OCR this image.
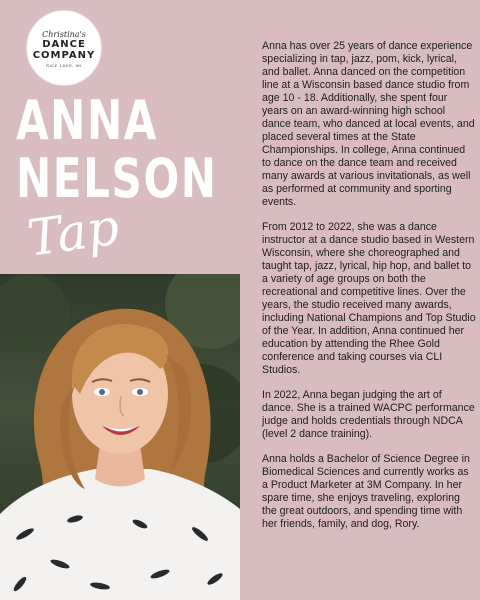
Christina's
DANCE
COMPANY
RICE LAKE, WI
ANNA
NELSON
Tap

Anna has over 25 years of dance experience specializing in tap, jazz, pom, kick, lyrical, and ballet. Anna danced on the competition line at a Wisconsin based dance studio from age 10 - 18. Additionally, she spent four years on an award-winning high school dance team, who danced at local events, and placed several times at the State Championships. In college, Anna continued to dance on the dance team and received many awards at various invitationals, as well as performed at community and sporting events.

From 2012 to 2022, she was a dance instructor at a dance studio based in Western Wisconsin, where she choreographed and taught tap, jazz, lyrical, hip hop, and ballet to a variety of age groups on both the recreational and competitive lines. Over the years, the studio received many awards, including National Champions and Top Studio of the Year. In addition, Anna continued her education by attending the Rhee Gold conference and taking courses via CLI Studios.

In 2022, Anna began judging the art of dance. She is a trained WACPC performance judge and holds credentials through NDCA (level 2 dance training).

Anna holds a Bachelor of Science Degree in Biomedical Sciences and currently works as a Product Marketer at 3M Company. In her spare time, she enjoys traveling, exploring the great outdoors, and spending time with her friends, family, and dog, Rory.
